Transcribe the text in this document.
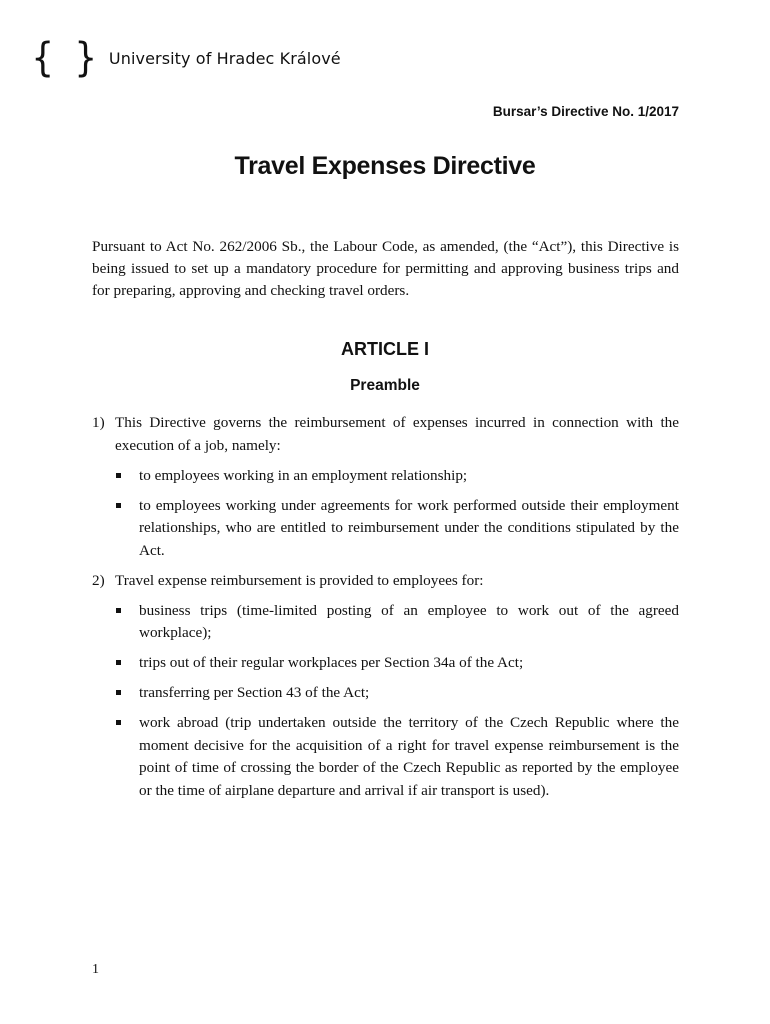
{ } University of Hradec Králové
Bursar’s Directive No. 1/2017
Travel Expenses Directive
Pursuant to Act No. 262/2006 Sb., the Labour Code, as amended, (the “Act”), this Directive is being issued to set up a mandatory procedure for permitting and approving business trips and for preparing, approving and checking travel orders.
ARTICLE I
Preamble
1) This Directive governs the reimbursement of expenses incurred in connection with the execution of a job, namely:
to employees working in an employment relationship;
to employees working under agreements for work performed outside their employment relationships, who are entitled to reimbursement under the conditions stipulated by the Act.
2) Travel expense reimbursement is provided to employees for:
business trips (time-limited posting of an employee to work out of the agreed workplace);
trips out of their regular workplaces per Section 34a of the Act;
transferring per Section 43 of the Act;
work abroad (trip undertaken outside the territory of the Czech Republic where the moment decisive for the acquisition of a right for travel expense reimbursement is the point of time of crossing the border of the Czech Republic as reported by the employee or the time of airplane departure and arrival if air transport is used).
1
